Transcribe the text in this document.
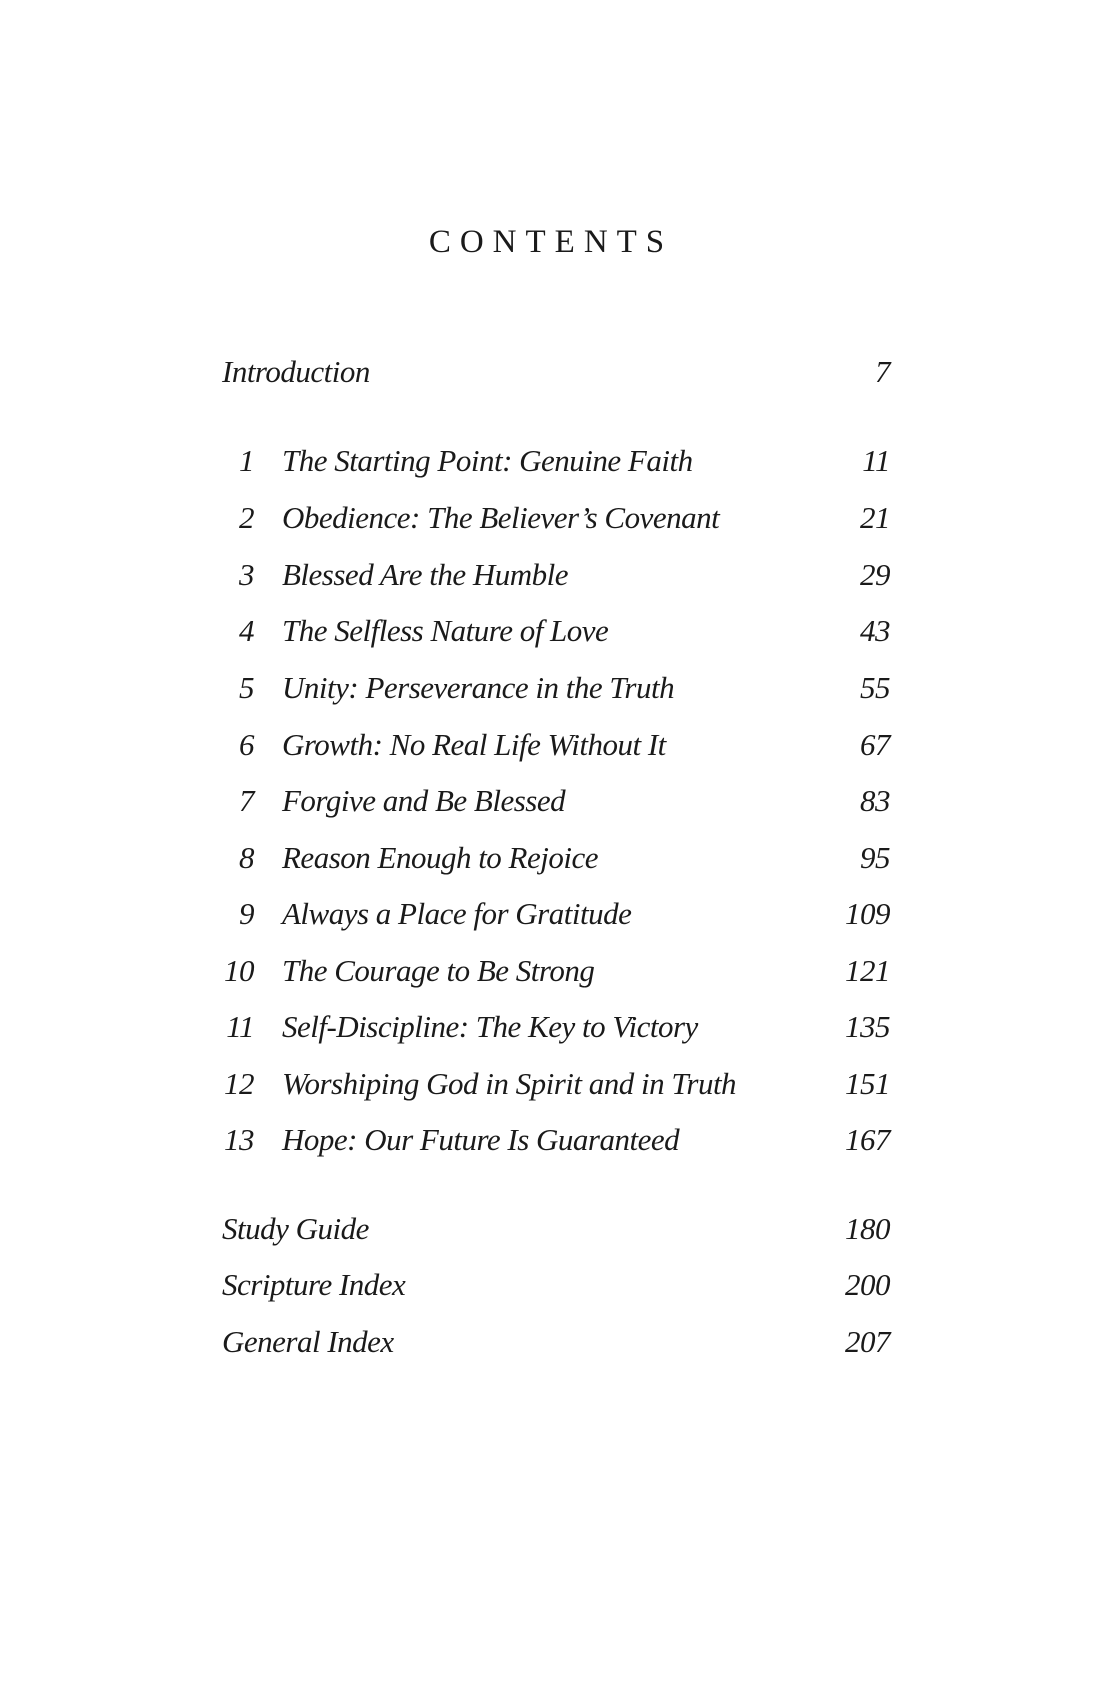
CONTENTS
Introduction	7
1 The Starting Point: Genuine Faith	11
2 Obedience: The Believer’s Covenant	21
3 Blessed Are the Humble	29
4 The Selfless Nature of Love	43
5 Unity: Perseverance in the Truth	55
6 Growth: No Real Life Without It	67
7 Forgive and Be Blessed	83
8 Reason Enough to Rejoice	95
9 Always a Place for Gratitude	109
10 The Courage to Be Strong	121
11 Self-Discipline: The Key to Victory	135
12 Worshiping God in Spirit and in Truth	151
13 Hope: Our Future Is Guaranteed	167
Study Guide	180
Scripture Index	200
General Index	207
